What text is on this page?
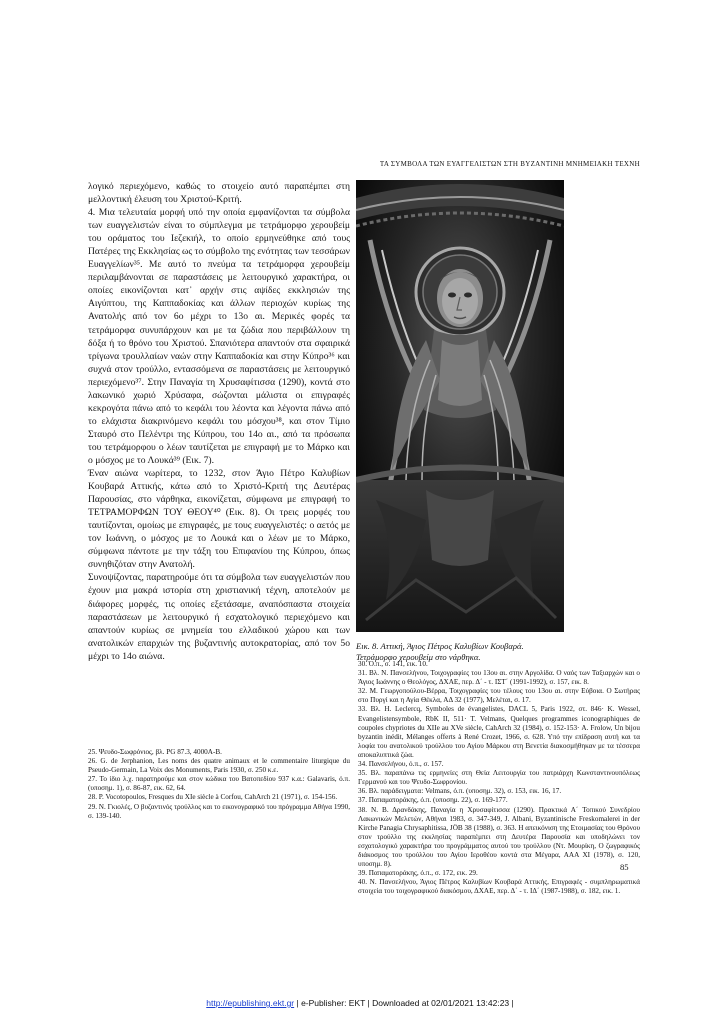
ΤΑ ΣΥΜΒΟΛΑ ΤΩΝ ΕΥΑΓΓΕΛΙΣΤΩΝ ΣΤΗ ΒΥΖΑΝΤΙΝΗ ΜΝΗΜΕΙΑΚΗ ΤΕΧΝΗ

λογικό περιεχόμενο, καθώς το στοιχείο αυτό παραπέμπει στη μελλοντική έλευση του Χριστού-Κριτή.

4. Μια τελευταία μορφή υπό την οποία εμφανίζονται τα σύμβολα των ευαγγελιστών είναι το σύμπλεγμα με τετράμορφο χερουβείμ του οράματος του Ιεζεκιήλ, το οποίο ερμηνεύθηκε από τους Πατέρες της Εκκλησίας ως το σύμβολο της ενότητας των τεσσάρων Ευαγγελίων³⁵. Με αυτό το πνεύμα τα τετράμορφα χερουβείμ περιλαμβάνονται σε παραστάσεις με λειτουργικό χαρακτήρα, οι οποίες εικονίζονται κατ᾽ αρχήν στις αψίδες εκκλησιών της Αιγύπτου, της Καππαδοκίας και άλλων περιοχών κυρίως της Ανατολής από τον 6ο μέχρι το 13ο αι. Μερικές φορές τα τετράμορφα συνυπάρχουν και με τα ζώδια που περιβάλλουν τη δόξα ή το θρόνο του Χριστού. Σπανιότερα απαντούν στα σφαιρικά τρίγωνα τρουλλαίων ναών στην Καππαδοκία και στην Κύπρο³⁶ και συχνά στον τρούλλο, εντασσόμενα σε παραστάσεις με λειτουργικό περιεχόμενο³⁷. Στην Παναγία τη Χρυσαφίτισσα (1290), κοντά στο λακωνικό χωριό Χρύσαφα, σώζονται μάλιστα οι επιγραφές κεκρογότα πάνω από το κεφάλι του λέοντα και λέγοντα πάνω από το ελάχιστα διακρινόμενο κεφάλι του μόσχου³⁸, και στον Τίμιο Σταυρό στο Πελέντρι της Κύπρου, του 14ο αι., από τα πρόσωπα του τετράμορφου ο λέων ταυτίζεται με επιγραφή με το Μάρκο και ο μόσχος με το Λουκά³⁹ (Εικ. 7).

Έναν αιώνα νωρίτερα, το 1232, στον Άγιο Πέτρο Καλυβίων Κουβαρά Αττικής, κάτω από το Χριστό-Κριτή της Δευτέρας Παρουσίας, στο νάρθηκα, εικονίζεται, σύμφωνα με επιγραφή το ΤΕΤΡΑΜΟΡΦΩΝ ΤΟΥ ΘΕΟΥ⁴⁰ (Εικ. 8). Οι τρεις μορφές του ταυτίζονται, ομοίως με επιγραφές, με τους ευαγγελιστές: ο αετός με τον Ιωάννη, ο μόσχος με το Λουκά και ο λέων με το Μάρκο, σύμφωνα πάντοτε με την τάξη του Επιφανίου της Κύπρου, όπως συνηθιζόταν στην Ανατολή.

Συνοψίζοντας, παρατηρούμε ότι τα σύμβολα των ευαγγελιστών που έχουν μια μακρά ιστορία στη χριστιανική τέχνη, αποτελούν με διάφορες μορφές, τις οποίες εξετάσαμε, αναπόσπαστα στοιχεία παραστάσεων με λειτουργικό ή εσχατολογικό περιεχόμενο και απαντούν κυρίως σε μνημεία του ελλαδικού χώρου και των ανατολικών επαρχιών της βυζαντινής αυτοκρατορίας, από τον 5ο μέχρι το 14ο αιώνα.

Εικ. 8. Αττική, Άγιος Πέτρος Καλυβίων Κουβαρά. Τετράμορφο χερουβείμ στο νάρθηκα.

25. Ψευδο-Σωφρόνιος, βλ. PG 87.3, 4000A-B.

26. G. de Jerphanion, Les noms des quatre animaux et le commentaire liturgique du Pseudo-Germain, La Voix des Monuments, Paris 1930, σ. 250 κ.ε.

27. Το ίδιο λ.χ. παρατηρούμε και στον κώδικα του Βατοπεδίου 937 κ.α.: Galavaris, ό.π. (υποσημ. 1), σ. 86-87, εικ. 62, 64.

28. P. Vocotopoulos, Fresques du XIe siècle à Corfou, CahArch 21 (1971), σ. 154-156.

29. Ν. Γκιολές, Ο βυζαντινός τρούλλος και το εικονογραφικό του πρόγραμμα Αθήνα 1990, σ. 139-140.

30. Ό.π., σ. 141, εικ. 10.

31. Βλ. Ν. Πανσελήνου, Τοιχογραφίες του 13ου αι. στην Αργολίδα. Ο ναός των Ταξιαρχών και ο Άγιος Ιωάννης ο Θεολόγος, ΔΧΑΕ, περ. Δ΄ - τ. ΙΣΤ΄ (1991-1992), σ. 157, εικ. 8.

32. Μ. Γεωργοπούλου-Βέρρα, Τοιχογραφίες του τέλους του 13ου αι. στην Εύβοια. Ο Σωτήρας στο Πυργί και η Αγία Θέκλα, ΑΔ 32 (1977), Μελέται, σ. 17.

33. Βλ. Η. Leclercq, Symboles de évangelistes, DACL 5, Paris 1922, στ. 846· K. Wessel, Evangelistensymbole, RbK II, 511· T. Velmans, Quelques programmes iconographiques de coupoles chypriotes du XIIe au XVe siècle, CahArch 32 (1984), σ. 152-153· A. Frolow, Un bijou byzantin inédit, Mélanges offerts à René Crozet, 1966, σ. 628. Υπό την επίδραση αυτή και τα λοφία του ανατολικού τρούλλου του Αγίου Μάρκου στη Βενετία διακοσμήθηκαν με τα τέσσερα αποκαλυπτικά ζώα.

34. Πανσελήνου, ό.π., σ. 157.

35. Βλ. παραπάνω τις ερμηνείες στη Θεία Λειτουργία του πατριάρχη Κωνσταντινουπόλεως Γερμανού και του Ψευδο-Σωφρονίου.

36. Βλ. παράδειγματα: Velmans, ό.π. (υποσημ. 32), σ. 153, εικ. 16, 17.

37. Παπαματοράκης, ό.π. (υποσημ. 22), σ. 169-177.

38. Ν. Β. Δρανδάκης, Παναγία η Χρυσαφίτισσα (1290). Πρακτικά Α΄ Τοπικού Συνεδρίου Λακωνικών Μελετών, Αθήναι 1983, σ. 347-349, J. Albani, Byzantinische Freskomalerei in der Kirche Panagia Chrysaphitissa, JÖB 38 (1988), σ. 363. Η απεικόνιση της Ετοιμασίας του Θρόνου στον τρούλλο της εκκλησίας παραπέμπει στη Δευτέρα Παρουσία και υποδηλώνει τον εσχατολογικό χαρακτήρα του προγράμματος αυτού του τρούλλου (Ντ. Μουρίκη, Ο ζωγραφικός διάκοσμος του τρούλλου του Αγίου Ιεροθέου κοντά στα Μέγαρα, ΑΑΑ XI (1978), σ. 120, υποσημ. 8).

39. Παπαματοράκης, ό.π., σ. 172, εικ. 29.

40. Ν. Πανσελήνου, Άγιος Πέτρος Καλυβίων Κουβαρά Αττικής, Επιγραφές - συμπληρωματικά στοιχεία του τοιχογραφικού διακόσμου, ΔΧΑΕ, περ. Δ΄ - τ. ΙΔ΄ (1987-1988), σ. 182, εικ. 1.

85
http://epublishing.ekt.gr | e-Publisher: EKT | Downloaded at 02/01/2021 13:42:23 |
